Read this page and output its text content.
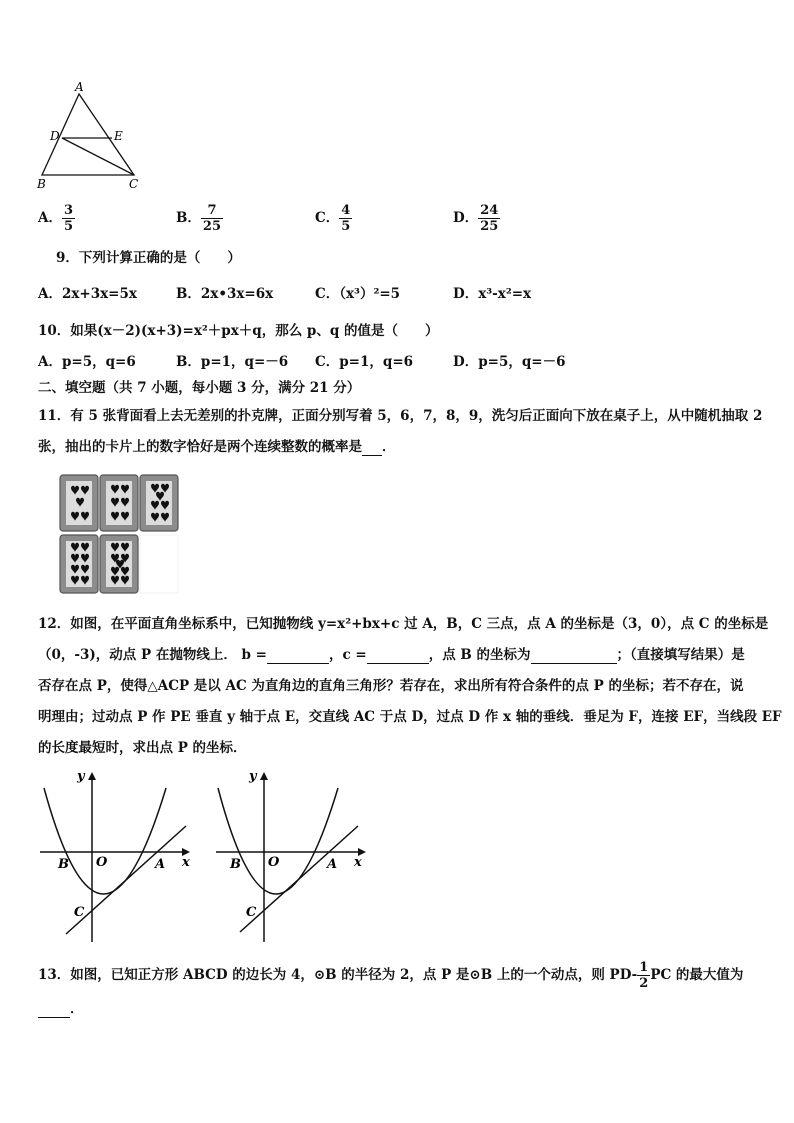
A
D	E
B	C
A． $\frac{3}{5}$	B． $\frac{7}{25}$	C． $\frac{4}{5}$	D． $\frac{24}{25}$
9．下列计算正确的是（　　）
A．2x+3x=5x	B．2x•3x=6x	C．（x³）²=5	D．x³-x²=x
10．如果(x－2)(x+3)=x²＋px＋q，那么 p、q 的值是（　　）
A．p=5，q=6	B．p=1，q=－6 C．p=1，q=6	D．p=5，q=－6
二、填空题（共 7 小题，每小题 3 分，满分 21 分）
11．有 5 张背面看上去无差别的扑克牌，正面分别写着 5，6，7，8，9，洗匀后正面向下放在桌子上，从中随机抽取 2
张，抽出的卡片上的数字恰好是两个连续整数的概率是 ．
12．如图，在平面直角坐标系中，已知抛物线 y=x²+bx+c 过 A，B，C 三点，点 A 的坐标是（3，0），点 C 的坐标是
（0，-3)，动点 P 在抛物线上． b =	，c =	，点 B 的坐标为	；（直接填写结果）是
否存在点 P，使得△ACP 是以 AC 为直角边的直角三角形？若存在，求出所有符合条件的点 P 的坐标；若不存在，说
明理由；过动点 P 作 PE 垂直 y 轴于点 E，交直线 AC 于点 D，过点 D 作 x 轴的垂线．垂足为 F，连接 EF，当线段 EF
的长度最短时，求出点 P 的坐标．
y
x
B O	A
C
y
x
B O	A
C
13．如图，已知正方形 ABCD 的边长为 4，⊙B 的半径为 2，点 P 是⊙B 上的一个动点，则 $PD- \frac{1}{2}$ PC 的最大值为
．
